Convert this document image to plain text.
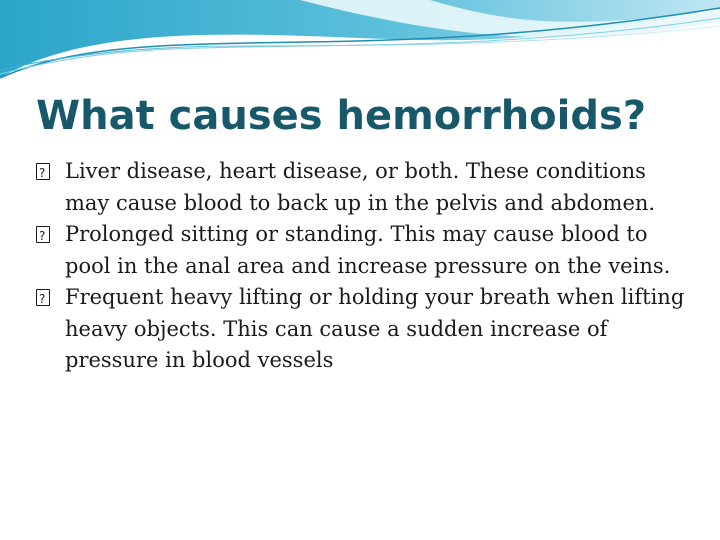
What causes hemorrhoids?
?
Liver disease, heart disease, or both. These conditions may cause blood to back up in the pelvis and abdomen.
?
Prolonged sitting or standing. This may cause blood to pool in the anal area and increase pressure on the veins.
?
Frequent heavy lifting or holding your breath when lifting heavy objects. This can cause a sudden increase of pressure in blood vessels
